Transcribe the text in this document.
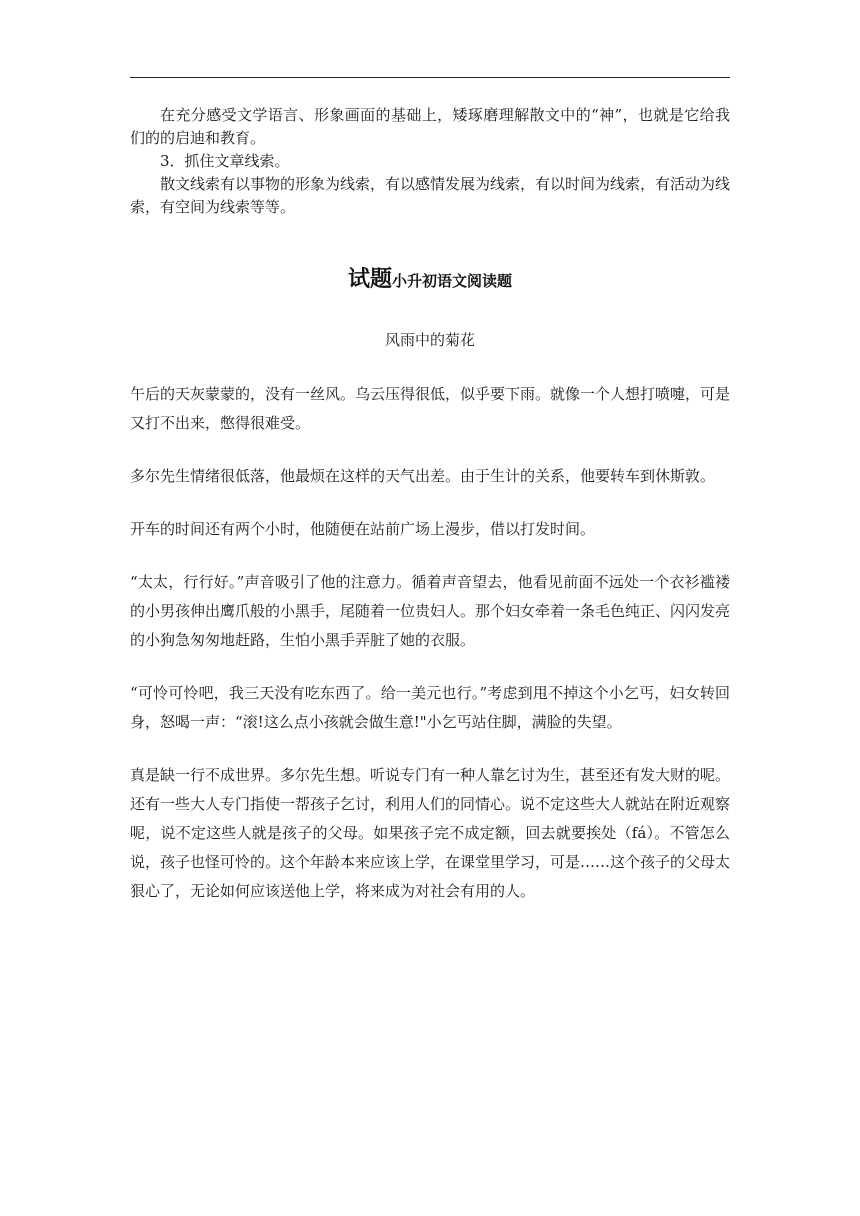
在充分感受文学语言、形象画面的基础上，矮琢磨理解散文中的“神”，也就是它给我们的的启迪和教育。

3．抓住文章线索。

散文线索有以事物的形象为线索，有以感情发展为线索，有以时间为线索，有活动为线索，有空间为线索等等。

试题小升初语文阅读题
风雨中的菊花

午后的天灰蒙蒙的，没有一丝风。乌云压得很低，似乎要下雨。就像一个人想打喷嚏，可是又打不出来，憋得很难受。

多尔先生情绪很低落，他最烦在这样的天气出差。由于生计的关系，他要转车到休斯敦。

开车的时间还有两个小时，他随便在站前广场上漫步，借以打发时间。

“太太，行行好。”声音吸引了他的注意力。循着声音望去，他看见前面不远处一个衣衫褴褛的小男孩伸出鹰爪般的小黑手，尾随着一位贵妇人。那个妇女牵着一条毛色纯正、闪闪发亮的小狗急匆匆地赶路，生怕小黑手弄脏了她的衣服。

“可怜可怜吧，我三天没有吃东西了。给一美元也行。”考虑到甩不掉这个小乞丐，妇女转回身，怒喝一声：“滚!这么点小孩就会做生意!"小乞丐站住脚，满脸的失望。

真是缺一行不成世界。多尔先生想。听说专门有一种人靠乞讨为生，甚至还有发大财的呢。还有一些大人专门指使一帮孩子乞讨，利用人们的同情心。说不定这些大人就站在附近观察呢，说不定这些人就是孩子的父母。如果孩子完不成定额，回去就要挨处（fá）。不管怎么说，孩子也怪可怜的。这个年龄本来应该上学，在课堂里学习，可是……这个孩子的父母太狠心了，无论如何应该送他上学，将来成为对社会有用的人。
